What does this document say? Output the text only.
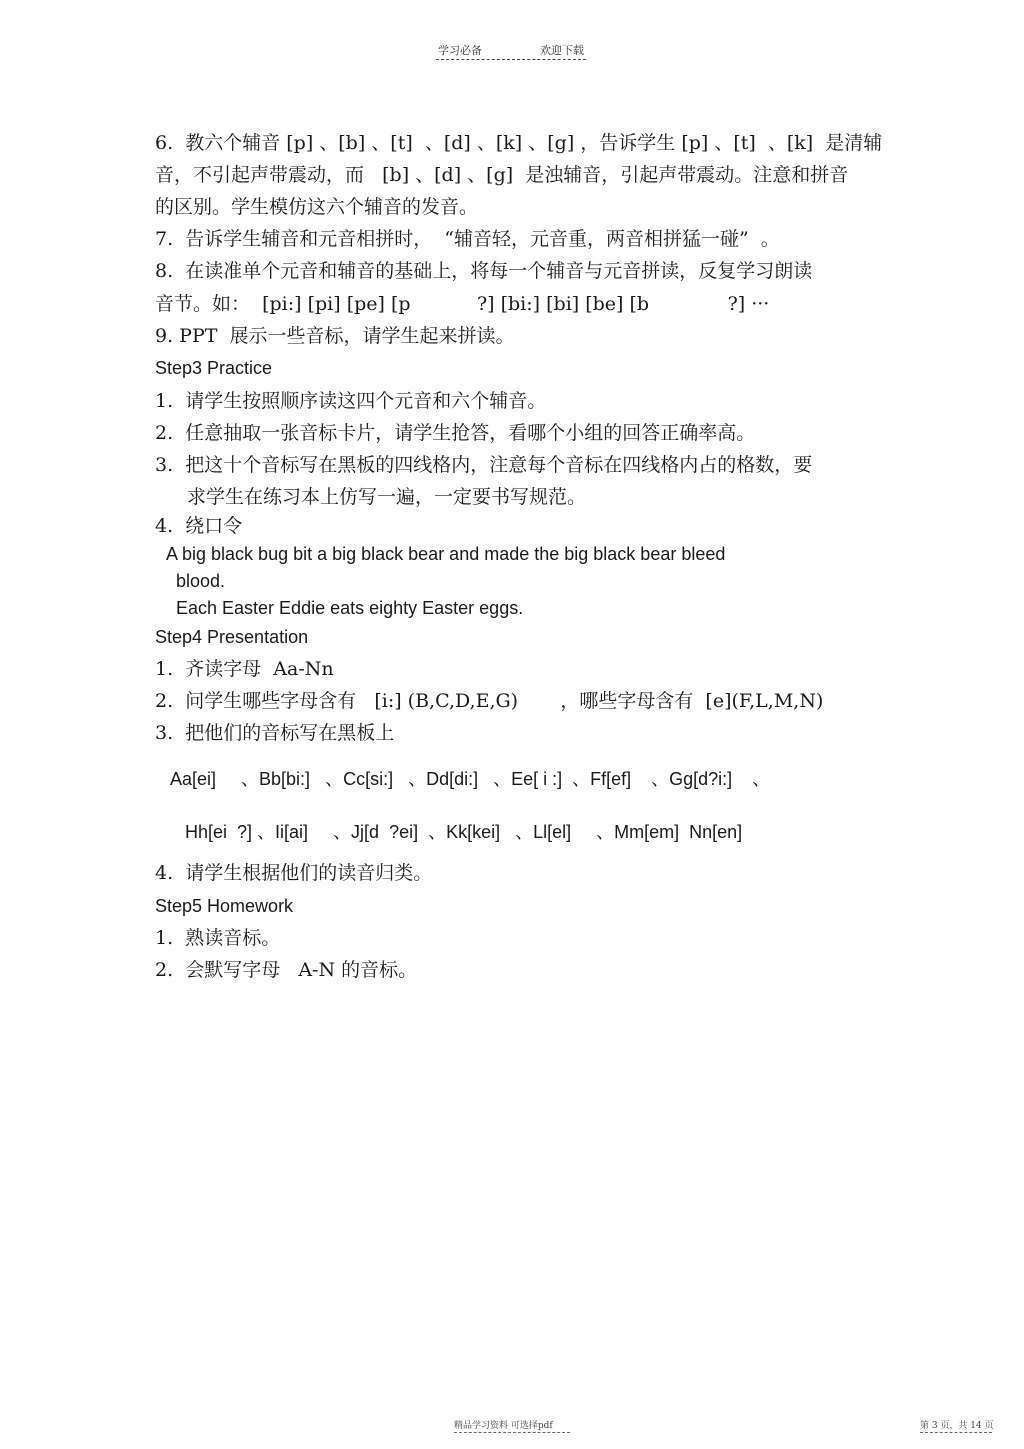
学习必备	欢迎下载
6.  教六个辅音 [p] 、[b] 、[t]  、[d] 、[k] 、[g] ，告诉学生 [p] 、[t]  、[k]  是清辅
音，不引起声带震动，而   [b] 、[d] 、[g]  是浊辅音，引起声带震动。注意和拼音
的区别。学生模仿这六个辅音的发音。
7.  告诉学生辅音和元音相拼时，  “辅音轻，元音重，两音相拼猛一碰”  。
8.  在读准单个元音和辅音的基础上，将每一个辅音与元音拼读，反复学习朗读
音节。如：  [pi:] [pi] [pe] [p           ?] [bi:] [bi] [be] [b             ?] ···
9. PPT  展示一些音标，请学生起来拼读。
Step3 Practice
1.  请学生按照顺序读这四个元音和六个辅音。
2.  任意抽取一张音标卡片，请学生抢答，看哪个小组的回答正确率高。
3.  把这十个音标写在黑板的四线格内，注意每个音标在四线格内占的格数，要
求学生在练习本上仿写一遍，一定要书写规范。
4.  绕口令
A big black bug bit a big black bear and made the big black bear bleed
blood.
Each Easter Eddie eats eighty Easter eggs.
Step4 Presentation
1.  齐读字母  Aa-Nn
2.  问学生哪些字母含有   [i:] (B,C,D,E,G)       ，哪些字母含有  [e](F,L,M,N)
3.  把他们的音标写在黑板上
Aa[ei]     、Bb[bi:]   、Cc[si:]   、Dd[di:]   、Ee[ i :]  、Ff[ef]    、Gg[d?i:]    、
Hh[ei  ?] 、Ii[ai]     、Jj[d  ?ei]  、Kk[kei]   、Ll[el]     、Mm[em]  Nn[en]
4.  请学生根据他们的读音归类。
Step5 Homework
1.  熟读音标。
2.  会默写字母   A-N 的音标。
精品学习资料 可选择pdf	第 3 页，共 14 页
